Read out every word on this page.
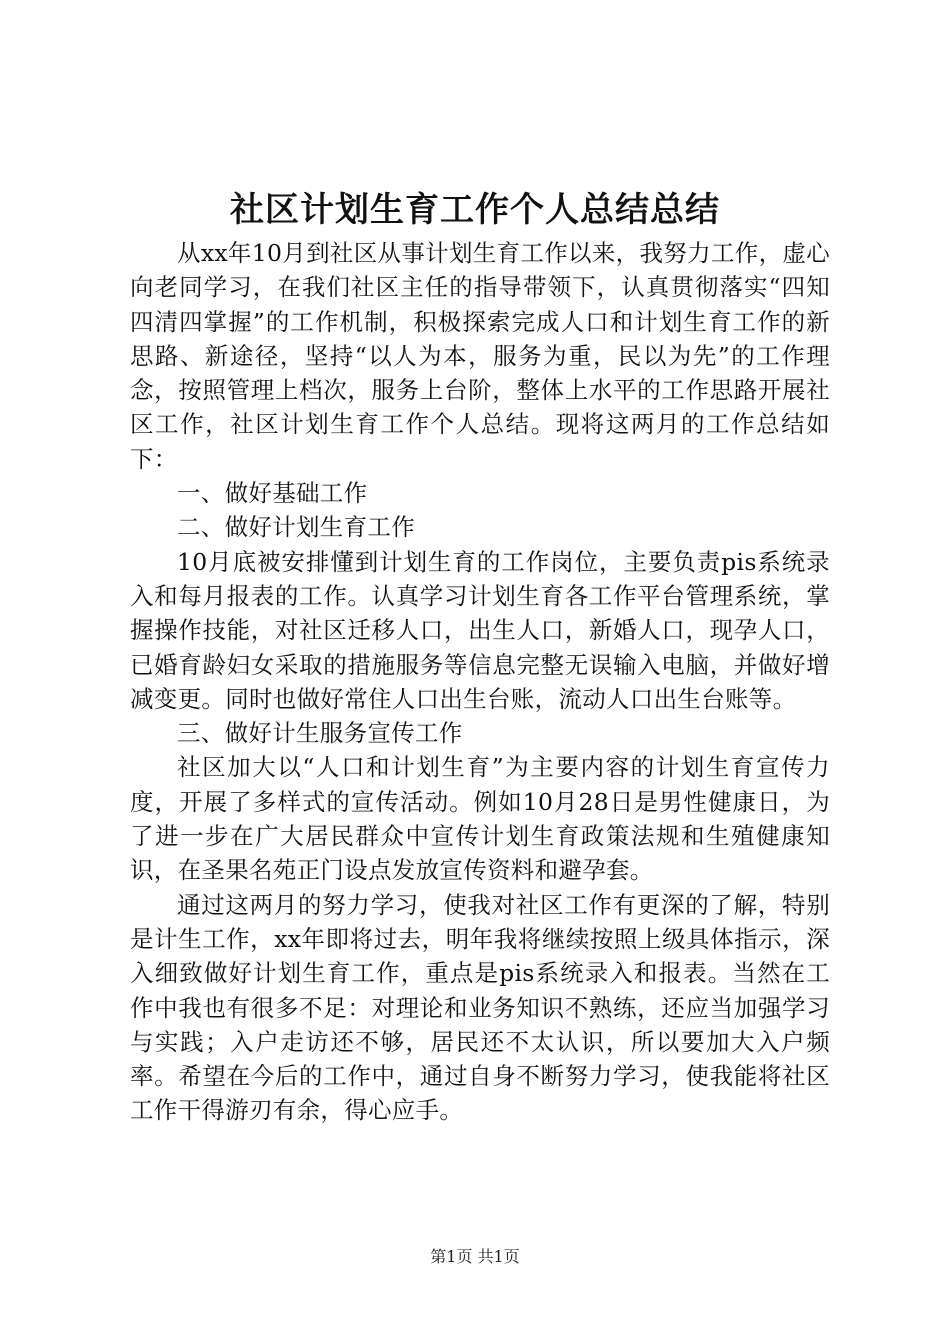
社区计划生育工作个人总结总结

从xx年10月到社区从事计划生育工作以来，我努力工作，虚心向老同学习，在我们社区主任的指导带领下，认真贯彻落实“四知四清四掌握”的工作机制，积极探索完成人口和计划生育工作的新思路、新途径，坚持“以人为本，服务为重，民以为先”的工作理念，按照管理上档次，服务上台阶，整体上水平的工作思路开展社区工作，社区计划生育工作个人总结。现将这两月的工作总结如下：

一、做好基础工作

二、做好计划生育工作

10月底被安排懂到计划生育的工作岗位，主要负责pis系统录入和每月报表的工作。认真学习计划生育各工作平台管理系统，掌握操作技能，对社区迁移人口，出生人口，新婚人口，现孕人口，已婚育龄妇女采取的措施服务等信息完整无误输入电脑，并做好增减变更。同时也做好常住人口出生台账，流动人口出生台账等。

三、做好计生服务宣传工作

社区加大以“人口和计划生育”为主要内容的计划生育宣传力度，开展了多样式的宣传活动。例如10月28日是男性健康日，为了进一步在广大居民群众中宣传计划生育政策法规和生殖健康知识，在圣果名苑正门设点发放宣传资料和避孕套。

通过这两月的努力学习，使我对社区工作有更深的了解，特别是计生工作，xx年即将过去，明年我将继续按照上级具体指示，深入细致做好计划生育工作，重点是pis系统录入和报表。当然在工作中我也有很多不足：对理论和业务知识不熟练，还应当加强学习与实践；入户走访还不够，居民还不太认识，所以要加大入户频率。希望在今后的工作中，通过自身不断努力学习，使我能将社区工作干得游刃有余，得心应手。

第1页 共1页
